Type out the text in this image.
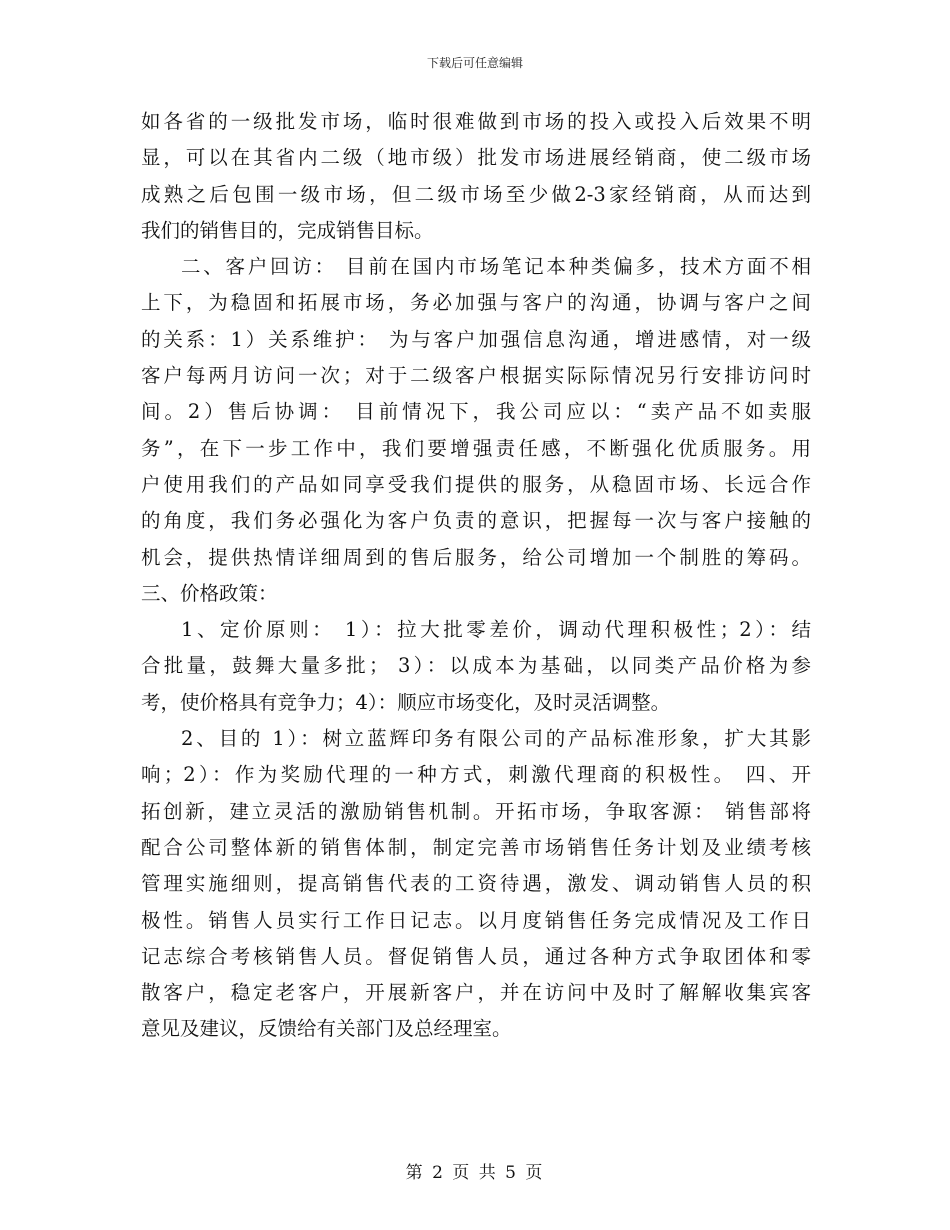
下载后可任意编辑
如各省的一级批发市场，临时很难做到市场的投入或投入后效果不明
显，可以在其省内二级（地市级）批发市场进展经销商，使二级市场
成熟之后包围一级市场，但二级市场至少做2-3家经销商，从而达到
我们的销售目的，完成销售目标。
二、客户回访： 目前在国内市场笔记本种类偏多，技术方面不相
上下，为稳固和拓展市场，务必加强与客户的沟通，协调与客户之间
的关系：1）关系维护： 为与客户加强信息沟通，增进感情，对一级
客户每两月访问一次；对于二级客户根据实际际情况另行安排访问时
间。2）售后协调： 目前情况下，我公司应以：“卖产品不如卖服
务”，在下一步工作中，我们要增强责任感，不断强化优质服务。用
户使用我们的产品如同享受我们提供的服务，从稳固市场、长远合作
的角度，我们务必强化为客户负责的意识，把握每一次与客户接触的
机会，提供热情详细周到的售后服务，给公司增加一个制胜的筹码。
三、价格政策：
1、定价原则： 1）：拉大批零差价，调动代理积极性；2）：结
合批量，鼓舞大量多批； 3）：以成本为基础，以同类产品价格为参
考，使价格具有竞争力；4）：顺应市场变化，及时灵活调整。
2、目的 1）：树立蓝辉印务有限公司的产品标准形象，扩大其影
响；2）：作为奖励代理的一种方式，刺激代理商的积极性。 四、开
拓创新，建立灵活的激励销售机制。开拓市场，争取客源： 销售部将
配合公司整体新的销售体制，制定完善市场销售任务计划及业绩考核
管理实施细则，提高销售代表的工资待遇，激发、调动销售人员的积
极性。销售人员实行工作日记志。以月度销售任务完成情况及工作日
记志综合考核销售人员。督促销售人员，通过各种方式争取团体和零
散客户，稳定老客户，开展新客户，并在访问中及时了解解收集宾客
意见及建议，反馈给有关部门及总经理室。
第 2 页 共 5 页
